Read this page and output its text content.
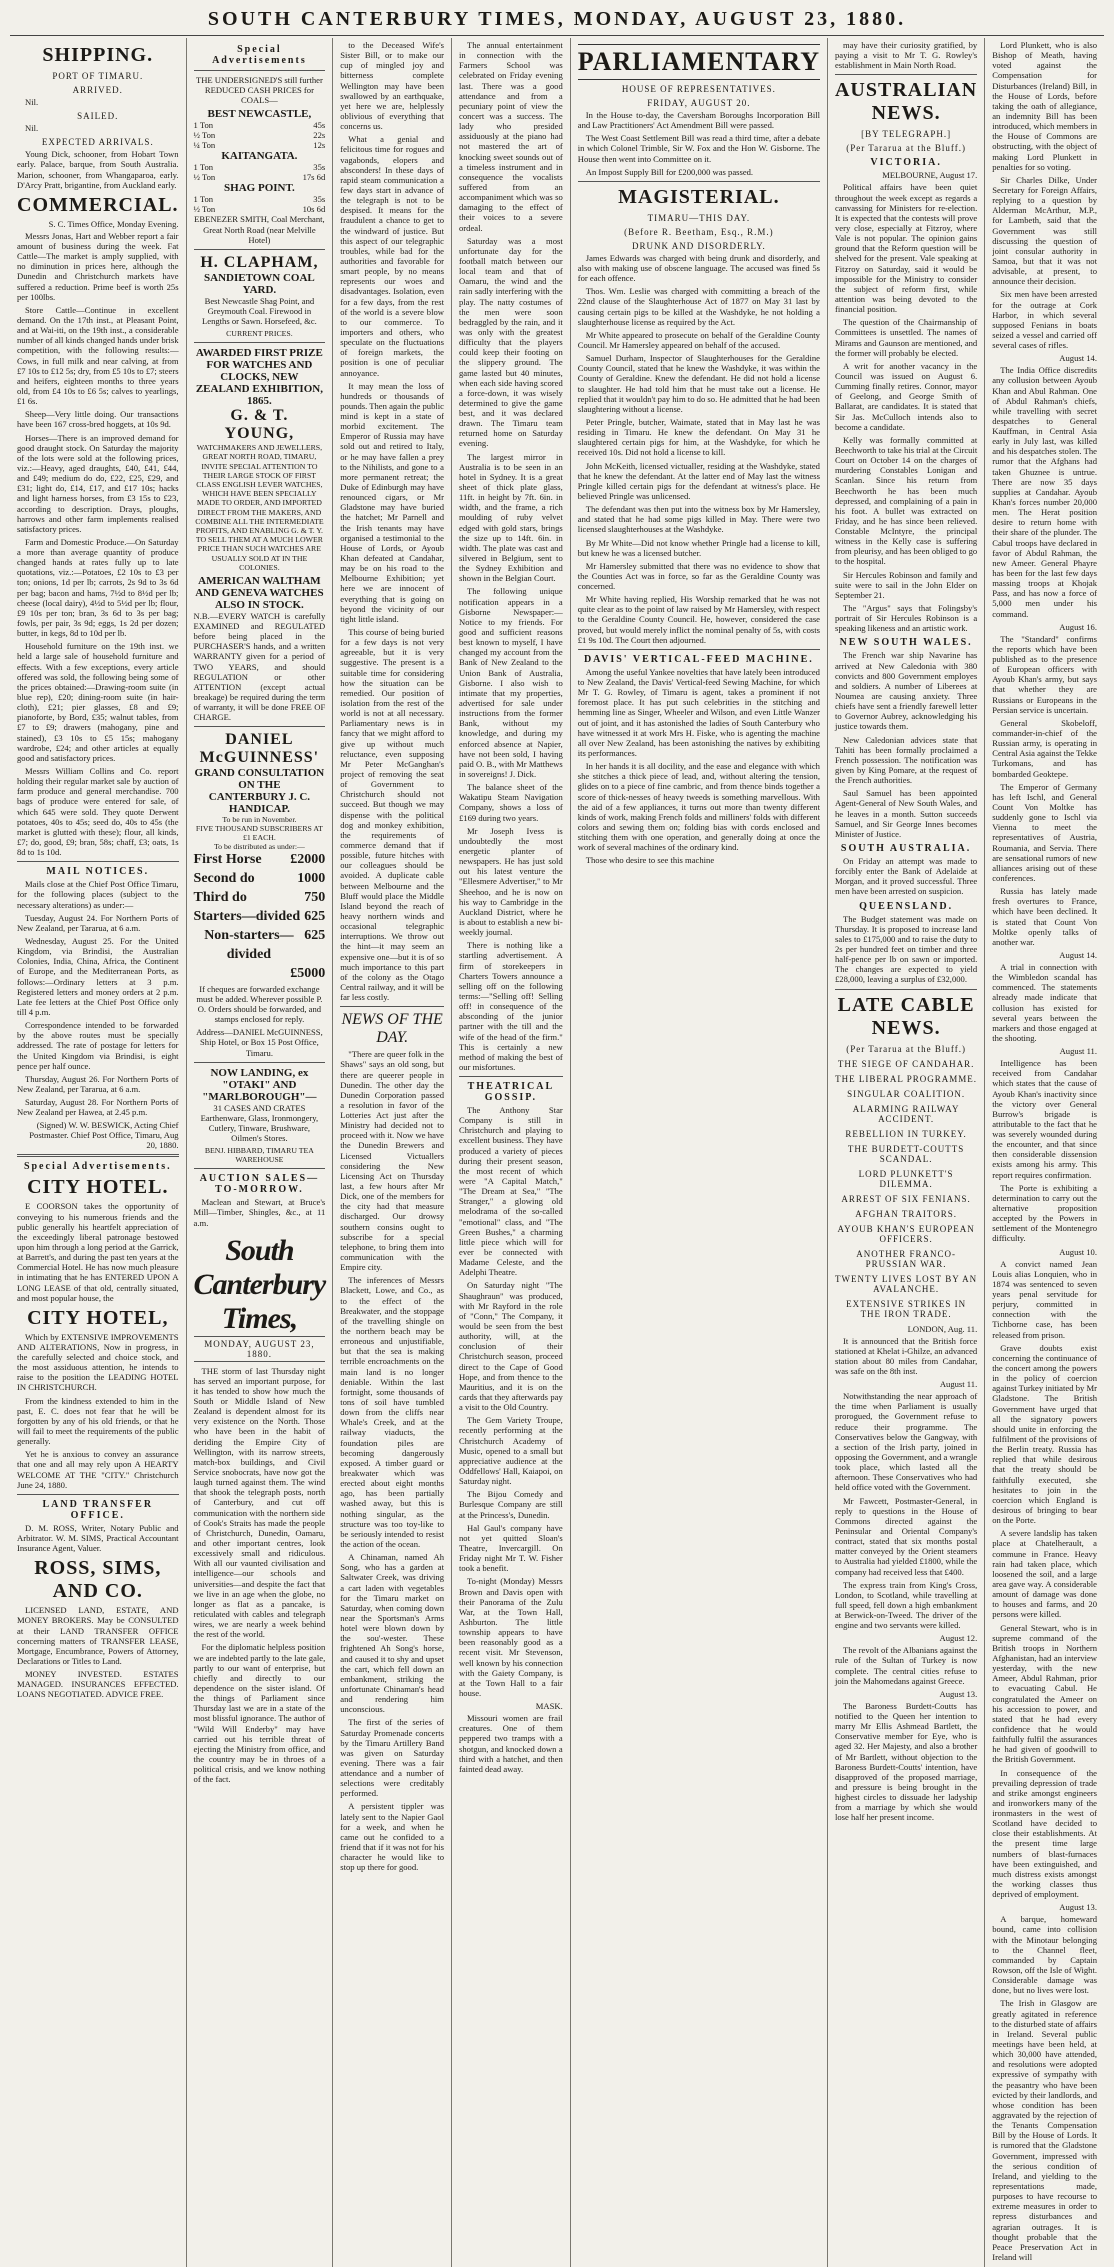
SOUTH CANTERBURY TIMES, MONDAY, AUGUST 23, 1880.
SHIPPING.
PORT OF TIMARU.
ARRIVED.

Nil.

SAILED.

Nil.

EXPECTED ARRIVALS.

Young Dick, schooner, from Hobart Town early. Palace, barque, from South Australia. Marion, schooner, from Whangaparoa, early. D'Arcy Pratt, brigantine, from Auckland early.

COMMERCIAL.
S. C. Times Office, Monday Evening.

Messrs Jonas, Hart and Webber report a fair amount of business during the week. Fat Cattle—The market is amply supplied, with no diminution in prices here, although the Dunedin and Christchurch markets have suffered a reduction. Prime beef is worth 25s per 100lbs.

Store Cattle—Continue in excellent demand. On the 17th inst., at Pleasant Point, and at Wai-iti, on the 19th inst., a considerable number of all kinds changed hands under brisk competition, with the following results:—Cows, in full milk and near calving, at from £7 10s to £12 5s; dry, from £5 10s to £7; steers and heifers, eighteen months to three years old, from £4 10s to £6 5s; calves to yearlings, £1 6s.

Sheep—Very little doing. Our transactions have been 167 cross-bred hoggets, at 10s 9d.

Horses—There is an improved demand for good draught stock. On Saturday the majority of the lots were sold at the following prices, viz.:—Heavy, aged draughts, £40, £41, £44, and £49; medium do do, £22, £25, £29, and £31; light do, £14, £17, and £17 10s; hacks and light harness horses, from £3 15s to £23, according to description. Drays, ploughs, harrows and other farm implements realised satisfactory prices.

Farm and Domestic Produce.—On Saturday a more than average quantity of produce changed hands at rates fully up to late quotations, viz.:—Potatoes, £2 10s to £3 per ton; onions, 1d per lb; carrots, 2s 9d to 3s 6d per bag; bacon and hams, 7½d to 8½d per lb; cheese (local dairy), 4½d to 5½d per lb; flour, £9 10s per ton; bran, 3s 6d to 3s per bag; fowls, per pair, 3s 9d; eggs, 1s 2d per dozen; butter, in kegs, 8d to 10d per lb.

Household furniture on the 19th inst. we held a large sale of household furniture and effects. With a few exceptions, every article offered was sold, the following being some of the prices obtained:—Drawing-room suite (in blue rep), £20; dining-room suite (in hair-cloth), £21; pier glasses, £8 and £9; pianoforte, by Bord, £35; walnut tables, from £7 to £9; drawers (mahogany, pine and stained), £3 10s to £5 15s; mahogany wardrobe, £24; and other articles at equally good and satisfactory prices.

Messrs William Collins and Co. report holding their regular market sale by auction of farm produce and general merchandise. 700 bags of produce were entered for sale, of which 645 were sold. They quote Derwent potatoes, 40s to 45s; seed do, 40s to 45s (the market is glutted with these); flour, all kinds, £7; do, good, £9; bran, 58s; chaff, £3; oats, 1s 8d to 1s 10d.

MAIL NOTICES.

Mails close at the Chief Post Office Timaru, for the following places (subject to the necessary alterations) as under:—

Tuesday, August 24. For Northern Ports of New Zealand, per Tararua, at 6 a.m.

Wednesday, August 25. For the United Kingdom, via Brindisi, the Australian Colonies, India, China, Africa, the Continent of Europe, and the Mediterranean Ports, as follows:—Ordinary letters at 3 p.m. Registered letters and money orders at 2 p.m. Late fee letters at the Chief Post Office only till 4 p.m.

Correspondence intended to be forwarded by the above routes must be specially addressed. The rate of postage for letters for the United Kingdom via Brindisi, is eight pence per half ounce.

Thursday, August 26. For Northern Ports of New Zealand, per Tararua, at 6 a.m.

Saturday, August 28. For Northern Ports of New Zealand per Hawea, at 2.45 p.m.

(Signed) W. W. BESWICK, Acting Chief Postmaster. Chief Post Office, Timaru, Aug 20, 1880.
Special Advertisements.
CITY HOTEL.

E COORSON takes the opportunity of conveying to his numerous friends and the public generally his heartfelt appreciation of the exceedingly liberal patronage bestowed upon him through a long period at the Garrick, at Barrett's, and during the past ten years at the Commercial Hotel. He has now much pleasure in intimating that he has ENTERED UPON A LONG LEASE of that old, centrally situated, and most popular house, the

CITY HOTEL,

Which by EXTENSIVE IMPROVEMENTS AND ALTERATIONS, Now in progress, in the carefully selected and choice stock, and the most assiduous attention, he intends to raise to the position the LEADING HOTEL IN CHRISTCHURCH.

From the kindness extended to him in the past, E. C. does not fear that he will be forgotten by any of his old friends, or that he will fail to meet the requirements of the public generally.

Yet he is anxious to convey an assurance that one and all may rely upon A HEARTY WELCOME AT THE "CITY." Christchurch June 24, 1880.

LAND TRANSFER OFFICE.

D. M. ROSS, Writer, Notary Public and Arbitrator. W. M. SIMS, Practical Accountant Insurance Agent, Valuer.

ROSS, SIMS, AND CO.

LICENSED LAND, ESTATE, AND MONEY BROKERS. May be CONSULTED at their LAND TRANSFER OFFICE concerning matters of TRANSFER LEASE, Mortgage, Encumbrance, Powers of Attorney, Declarations or Titles to Land.

MONEY INVESTED. ESTATES MANAGED. INSURANCES EFFECTED. LOANS NEGOTIATED. ADVICE FREE.

Special Advertisements

THE UNDERSIGNED'S still further REDUCED CASH PRICES for COALS—

BEST NEWCASTLE,
1 Ton	45s
½ Ton	22s
¼ Ton	12s
KAITANGATA.
1 Ton	35s
½ Ton	17s 6d
SHAG POINT.
1 Ton	35s
½ Ton	10s 6d

EBENEZER SMITH, Coal Merchant, Great North Road (near Melville Hotel)

H. CLAPHAM,
SANDIETOWN COAL YARD.

Best Newcastle Shag Point, and Greymouth Coal. Firewood in Lengths or Sawn. Horsefeed, &c.

CURRENT PRICES.
AWARDED FIRST PRIZE FOR WATCHES AND CLOCKS, NEW ZEALAND EXHIBITION, 1865.
G. & T. YOUNG,

WATCHMAKERS AND JEWELLERS, GREAT NORTH ROAD, TIMARU, INVITE SPECIAL ATTENTION TO THEIR LARGE STOCK OF FIRST CLASS ENGLISH LEVER WATCHES, WHICH HAVE BEEN SPECIALLY MADE TO ORDER, AND IMPORTED DIRECT FROM THE MAKERS, AND COMBINE ALL THE INTERMEDIATE PROFITS, AND ENABLING G. & T. Y. TO SELL THEM AT A MUCH LOWER PRICE THAN SUCH WATCHES ARE USUALLY SOLD AT IN THE COLONIES.

AMERICAN WALTHAM AND GENEVA WATCHES ALSO IN STOCK.

N.B.—EVERY WATCH is carefully EXAMINED and REGULATED before being placed in the PURCHASER'S hands, and a written WARRANTY given for a period of TWO YEARS, and should REGULATION or other ATTENTION (except actual breakage) be required during the term of warranty, it will be done FREE OF CHARGE.

DANIEL McGUINNESS'
GRAND CONSULTATION ON THE
CANTERBURY J. C. HANDICAP.
To be run in November.
FIVE THOUSAND SUBSCRIBERS AT £1 EACH.
To be distributed as under:—
First Horse £2000
Second do	1000
Third do	750
Starters—divided 625
Non-starters—divided
625
£5000

If cheques are forwarded exchange must be added. Wherever possible P. O. Orders should be forwarded, and stamps enclosed for reply.

Address—DANIEL McGUINNESS, Ship Hotel, or Box 15 Post Office, Timaru.

NOW LANDING, ex "OTAKI" AND "MARLBOROUGH"—

31 CASES AND CRATES Earthenware, Glass, Ironmongery, Cutlery, Tinware, Brushware, Oilmen's Stores.

BENJ. HIBBARD, TIMARU TEA WAREHOUSE
AUCTION SALES—TO-MORROW.

Maclean and Stewart, at Bruce's Mill—Timber, Shingles, &c., at 11 a.m.

South Canterbury Times,
MONDAY, AUGUST 23, 1880.

THE storm of last Thursday night has served an important purpose, for it has tended to show how much the South or Middle Island of New Zealand is dependent almost for its very existence on the North. Those who have been in the habit of deriding the Empire City of Wellington, with its narrow streets, match-box buildings, and Civil Service snobocrats, have now got the laugh turned against them. The wind that shook the telegraph posts, north of Canterbury, and cut off communication with the northern side of Cook's Straits has made the people of Christchurch, Dunedin, Oamaru, and other important centres, look excessively small and ridiculous. With all our vaunted civilisation and intelligence—our schools and universities—and despite the fact that we live in an age when the globe, no longer as flat as a pancake, is reticulated with cables and telegraph wires, we are nearly a week behind the rest of the world.

For the diplomatic helpless position we are indebted partly to the late gale, partly to our want of enterprise, but chiefly and directly to our dependence on the sister island. Of the things of Parliament since Thursday last we are in a state of the most blissful ignorance. The author of "Wild Will Enderby" may have carried out his terrible threat of ejecting the Ministry from office, and the country may be in throes of a political crisis, and we know nothing of the fact.

to the Deceased Wife's Sister Bill, or to make our cup of mingled joy and bitterness complete Wellington may have been swallowed by an earthquake, yet here we are, helplessly oblivious of everything that concerns us.

What a genial and felicitous time for rogues and vagabonds, elopers and absconders! In these days of rapid steam communication a few days start in advance of the telegraph is not to be despised. It means for the fraudulent a chance to get to the windward of justice. But this aspect of our telegraphic troubles, while bad for the authorities and favorable for smart people, by no means represents our woes and disadvantages. Isolation, even for a few days, from the rest of the world is a severe blow to our commerce. To importers and others, who speculate on the fluctuations of foreign markets, the position is one of peculiar annoyance.

It may mean the loss of hundreds or thousands of pounds. Then again the public mind is kept in a state of morbid excitement. The Emperor of Russia may have sold out and retired to Italy, or he may have fallen a prey to the Nihilists, and gone to a more permanent retreat; the Duke of Edinburgh may have renounced cigars, or Mr Gladstone may have buried the hatchet; Mr Parnell and the Irish tenants may have organised a testimonial to the House of Lords, or Ayoub Khan defeated at Candahar, may be on his road to the Melbourne Exhibition; yet here we are innocent of everything that is going on beyond the vicinity of our tight little island.

This course of being buried for a few days is not very agreeable, but it is very suggestive. The present is a suitable time for considering how the situation can be remedied. Our position of isolation from the rest of the world is not at all necessary. Parliamentary news is in fancy that we might afford to give up without much reluctance, even supposing Mr Peter McGanghan's project of removing the seat of Government to Christchurch should not succeed. But though we may dispense with the political dog and monkey exhibition, the requirements of commerce demand that if possible, future hitches with our colleagues should be avoided. A duplicate cable between Melbourne and the Bluff would place the Middle Island beyond the reach of heavy northern winds and occasional telegraphic interruptions. We throw out the hint—it may seem an expensive one—but it is of so much importance to this part of the colony as the Otago Central railway, and it will be far less costly.

NEWS OF THE DAY.

"There are queer folk in the Shaws" says an old song, but there are queerer people in Dunedin. The other day the Dunedin Corporation passed a resolution in favor of the Lotteries Act just after the Ministry had decided not to proceed with it. Now we have the Dunedin Brewers and Licensed Victuallers considering the New Licensing Act on Thursday last, a few hours after Mr Dick, one of the members for the city had that measure discharged. Our drowsy southern consins ought to subscribe for a special telephone, to bring them into communication with the Empire city.

The inferences of Messrs Blackett, Lowe, and Co., as to the effect of the Breakwater, and the stoppage of the travelling shingle on the northern beach may be erroneous and unjustifiable, but that the sea is making terrible encroachments on the main land is no longer deniable. Within the last fortnight, some thousands of tons of soil have tumbled down from the cliffs near Whale's Creek, and at the railway viaducts, the foundation piles are becoming dangerously exposed. A timber guard or breakwater which was erected about eight months ago, has been partially washed away, but this is nothing singular, as the structure was too toy-like to be seriously intended to resist the action of the ocean.

A Chinaman, named Ah Song, who has a garden at Saltwater Creek, was driving a cart laden with vegetables for the Timaru market on Saturday, when coming down near the Sportsman's Arms hotel were blown down by the sou'-wester. These frightened Ah Song's horse, and caused it to shy and upset the cart, which fell down an embankment, striking the unfortunate Chinaman's head and rendering him unconscious.

The first of the series of Saturday Promenade concerts by the Timaru Artillery Band was given on Saturday evening. There was a fair attendance and a number of selections were creditably performed.

A persistent tippler was lately sent to the Napier Gaol for a week, and when he came out he confided to a friend that if it was not for his character he would like to stop up there for good.

The annual entertainment in connection with the Farmers School was celebrated on Friday evening last. There was a good attendance and from a pecuniary point of view the concert was a success. The lady who presided assiduously at the piano had not mastered the art of knocking sweet sounds out of a timeless instrument and in consequence the vocalists suffered from an accompaniment which was so damaging to the effect of their voices to a severe ordeal.

Saturday was a most unfortunate day for the football match between our local team and that of Oamaru, the wind and the rain sadly interfering with the play. The natty costumes of the men were soon bedraggled by the rain, and it was only with the greatest difficulty that the players could keep their footing on the slippery ground. The game lasted but 40 minutes, when each side having scored a force-down, it was wisely determined to give the game best, and it was declared drawn. The Timaru team returned home on Saturday evening.

The largest mirror in Australia is to be seen in an hotel in Sydney. It is a great sheet of thick plate glass, 11ft. in height by 7ft. 6in. in width, and the frame, a rich moulding of ruby velvet edged with gold stars, brings the size up to 14ft. 6in. in width. The plate was cast and silvered in Belgium, sent to the Sydney Exhibition and shown in the Belgian Court.

The following unique notification appears in a Gisborne Newspaper:—Notice to my friends. For good and sufficient reasons best known to myself, I have changed my account from the Bank of New Zealand to the Union Bank of Australia, Gisborne. I also wish to intimate that my properties, advertised for sale under instructions from the former Bank, without my knowledge, and during my enforced absence at Napier, have not been sold, I having paid O. B., with Mr Matthews in sovereigns! J. Dick.

The balance sheet of the Wakatipu Steam Navigation Company, shows a loss of £169 during two years.

Mr Joseph Ivess is undoubtedly the most energetic planter of newspapers. He has just sold out his latest venture the "Ellesmere Advertiser," to Mr Sheehoo, and he is now on his way to Cambridge in the Auckland District, where he is about to establish a new bi-weekly journal.

There is nothing like a startling advertisement. A firm of storekeepers in Charters Towers announce a selling off on the following terms:—"Selling off! Selling off! in consequence of the absconding of the junior partner with the till and the wife of the head of the firm." This is certainly a new method of making the best of our misfortunes.

THEATRICAL GOSSIP.

The Anthony Star Company is still in Christchurch and playing to excellent business. They have produced a variety of pieces during their present season, the most recent of which were "A Capital Match," "The Dream at Sea," "The Stranger," a glowing old melodrama of the so-called "emotional" class, and "The Green Bushes," a charming little piece which will for ever be connected with Madame Celeste, and the Adelphi Theatre.

On Saturday night "The Shaughraun" was produced, with Mr Rayford in the role of "Conn," The Company, it would be seen from the best authority, will, at the conclusion of their Christchurch season, proceed direct to the Cape of Good Hope, and from thence to the Mauritius, and it is on the cards that they afterwards pay a visit to the Old Country.

The Gem Variety Troupe, recently performing at the Christchurch Academy of Music, opened to a small but appreciative audience at the Oddfellows' Hall, Kaiapoi, on Saturday night.

The Bijou Comedy and Burlesque Company are still at the Princess's, Dunedin.

Hal Gaul's company have not yet quitted Sloan's Theatre, Invercargill. On Friday night Mr T. W. Fisher took a benefit.

To-night (Monday) Messrs Brown and Davis open with their Panorama of the Zulu War, at the Town Hall, Ashburton. The little township appears to have been reasonably good as a recent visit. Mr Stevenson, well known by his connection with the Gaiety Company, is at the Town Hall to a fair house.

MASK.

Missouri women are frail creatures. One of them peppered two tramps with a shotgun, and knocked down a third with a hatchet, and then fainted dead away.

PARLIAMENTARY
HOUSE OF REPRESENTATIVES.
FRIDAY, AUGUST 20.

In the House to-day, the Caversham Boroughs Incorporation Bill and Law Practitioners' Act Amendment Bill were passed.

The West Coast Settlement Bill was read a third time, after a debate in which Colonel Trimble, Sir W. Fox and the Hon W. Gisborne. The House then went into Committee on it.

An Impost Supply Bill for £200,000 was passed.

MAGISTERIAL.
TIMARU—THIS DAY.
(Before R. Beetham, Esq., R.M.)
DRUNK AND DISORDERLY.

James Edwards was charged with being drunk and disorderly, and also with making use of obscene language. The accused was fined 5s for each offence.

Thos. Wm. Leslie was charged with committing a breach of the 22nd clause of the Slaughterhouse Act of 1877 on May 31 last by causing certain pigs to be killed at the Washdyke, he not holding a slaughterhouse license as required by the Act.

Mr White appeared to prosecute on behalf of the Geraldine County Council. Mr Hamersley appeared on behalf of the accused.

Samuel Durham, Inspector of Slaughterhouses for the Geraldine County Council, stated that he knew the Washdyke, it was within the County of Geraldine. Knew the defendant. He did not hold a license to slaughter. He had told him that he must take out a license. He replied that it wouldn't pay him to do so. He admitted that he had been slaughtering without a license.

Peter Pringle, butcher, Waimate, stated that in May last he was residing in Timaru. He knew the defendant. On May 31 he slaughtered certain pigs for him, at the Washdyke, for which he received 10s. Did not hold a license to kill.

John McKeith, licensed victualler, residing at the Washdyke, stated that he knew the defendant. At the latter end of May last the witness Pringle killed certain pigs for the defendant at witness's place. He believed Pringle was unlicensed.

The defendant was then put into the witness box by Mr Hamersley, and stated that he had some pigs killed in May. There were two licensed slaughterhouses at the Washdyke.

By Mr White—Did not know whether Pringle had a license to kill, but knew he was a licensed butcher.

Mr Hamersley submitted that there was no evidence to show that the Counties Act was in force, so far as the Geraldine County was concerned.

Mr White having replied, His Worship remarked that he was not quite clear as to the point of law raised by Mr Hamersley, with respect to the Geraldine County Council. He, however, considered the case proved, but would merely inflict the nominal penalty of 5s, with costs £1 9s 10d. The Court then adjourned.

DAVIS' VERTICAL-FEED MACHINE.

Among the useful Yankee novelties that have lately been introduced to New Zealand, the Davis' Vertical-feed Sewing Machine, for which Mr T. G. Rowley, of Timaru is agent, takes a prominent if not foremost place. It has put such celebrities in the stitching and hemming line as Singer, Wheeler and Wilson, and even Little Wanzer out of joint, and it has astonished the ladies of South Canterbury who have witnessed it at work Mrs H. Fiske, who is agenting the machine all over New Zealand, has been astonishing the natives by exhibiting its performances.

In her hands it is all docility, and the ease and elegance with which she stitches a thick piece of lead, and, without altering the tension, glides on to a piece of fine cambric, and from thence binds together a score of thick-nesses of heavy tweeds is something marvellous. With the aid of a few appliances, it turns out more than twenty different kinds of work, making French folds and milliners' folds with different colors and sewing them on; folding bias with cords enclosed and stitching them with one operation, and generally doing at once the work of several machines of the ordinary kind.

Those who desire to see this machine

may have their curiosity gratified, by paying a visit to Mr T. G. Rowley's establishment in Main North Road.

AUSTRALIAN NEWS.
[BY TELEGRAPH.]
(Per Tararua at the Bluff.)
VICTORIA.
MELBOURNE, August 17.

Political affairs have been quiet throughout the week except as regards a canvassing for Ministers for re-election. It is expected that the contests will prove very close, especially at Fitzroy, where Vale is not popular. The opinion gains ground that the Reform question will be shelved for the present. Vale speaking at Fitzroy on Saturday, said it would be impossible for the Ministry to consider the subject of reform first, while attention was being devoted to the financial position.

The question of the Chairmanship of Committees is unsettled. The names of Mirams and Gaunson are mentioned, and the former will probably be elected.

A writ for another vacancy in the Council was issued on August 6. Cumming finally retires. Connor, mayor of Geelong, and George Smith of Ballarat, are candidates. It is stated that Sir Jas. McCulloch intends also to become a candidate.

Kelly was formally committed at Beechworth to take his trial at the Circuit Court on October 14 on the charges of murdering Constables Lonigan and Scanlan. Since his return from Beechworth he has been much depressed, and complaining of a pain in his foot. A bullet was extracted on Friday, and he has since been relieved. Constable McIntyre, the principal witness in the Kelly case is suffering from pleurisy, and has been obliged to go to the hospital.

Sir Hercules Robinson and family and suite were to sail in the John Elder on September 21.

The "Argus" says that Folingsby's portrait of Sir Hercules Robinson is a speaking likeness and an artistic work.

NEW SOUTH WALES.

The French war ship Navarine has arrived at New Caledonia with 380 convicts and 800 Government employes and soldiers. A number of Liberees at Noumea are causing anxiety. Three chiefs have sent a friendly farewell letter to Governor Aubrey, acknowledging his justice towards them.

New Caledonian advices state that Tahiti has been formally proclaimed a French possession. The notification was given by King Pomare, at the request of the French authorities.

Saul Samuel has been appointed Agent-General of New South Wales, and he leaves in a month. Sutton succeeds Samuel, and Sir George Innes becomes Minister of Justice.

SOUTH AUSTRALIA.

On Friday an attempt was made to forcibly enter the Bank of Adelaide at Morgan, and it proved successful. Three men have been arrested on suspicion.

QUEENSLAND.

The Budget statement was made on Thursday. It is proposed to increase land sales to £175,000 and to raise the duty to 2s per hundred feet on timber and three half-pence per lb on sawn or imported. The changes are expected to yield £28,000, leaving a surplus of £32,000.

LATE CABLE NEWS.
(Per Tararua at the Bluff.)
THE SIEGE OF CANDAHAR.
THE LIBERAL PROGRAMME.
SINGULAR COALITION.
ALARMING RAILWAY ACCIDENT.
REBELLION IN TURKEY.
THE BURDETT-COUTTS SCANDAL.
LORD PLUNKETT'S DILEMMA.
ARREST OF SIX FENIANS.
AFGHAN TRAITORS.
AYOUB KHAN'S EUROPEAN OFFICERS.
ANOTHER FRANCO-PRUSSIAN WAR.
TWENTY LIVES LOST BY AN AVALANCHE.
EXTENSIVE STRIKES IN THE IRON TRADE.
LONDON, Aug. 11.

It is announced that the British force stationed at Khelat i-Ghilze, an advanced station about 80 miles from Candahar, was safe on the 8th inst.

August 11.

Notwithstanding the near approach of the time when Parliament is usually prorogued, the Government refuse to reduce their programme. The Conservatives below the Gangway, with a section of the Irish party, joined in opposing the Government, and a wrangle took place, which lasted all the afternoon. These Conservatives who had held office voted with the Government.

Mr Fawcett, Postmaster-General, in reply to questions in the House of Commons directed against the Peninsular and Oriental Company's contract, stated that six months postal matter conveyed by the Orient steamers to Australia had yielded £1800, while the company had received less that £400.

The express train from King's Cross, London, to Scotland, while travelling at full speed, fell down a high embankment at Berwick-on-Tweed. The driver of the engine and two servants were killed.

August 12.

The revolt of the Albanians against the rule of the Sultan of Turkey is now complete. The central cities refuse to join the Mahomedans against Greece.

August 13.

The Baroness Burdett-Coutts has notified to the Queen her intention to marry Mr Ellis Ashmead Bartlett, the Conservative member for Eye, who is aged 32. Her Majesty, and also a brother of Mr Bartlett, without objection to the Baroness Burdett-Coutts' intention, have disapproved of the proposed marriage, and pressure is being brought in the highest circles to dissuade her ladyship from a marriage by which she would lose half her present income.

Lord Plunkett, who is also Bishop of Meath, having voted against the Compensation for Disturbances (Ireland) Bill, in the House of Lords, before taking the oath of allegiance, an indemnity Bill has been introduced, which members in the House of Commons are obstructing, with the object of making Lord Plunkett in penalties for so voting.

Sir Charles Dilke, Under Secretary for Foreign Affairs, replying to a question by Alderman McArthur, M.P., for Lambeth, said that the Government was still discussing the question of joint consular authority in Samoa, but that it was not advisable, at present, to announce their decision.

Six men have been arrested for the outrage at Cork Harbor, in which several supposed Fenians in boats seized a vessel and carried off several cases of rifles.

August 14.

The India Office discredits any collusion between Ayoub Khan and Abul Rahman. One of Abdul Rahman's chiefs, while travelling with secret despatches to General Kauffman, in Central Asia early in July last, was killed and his despatches stolen. The rumor that the Afghans had taken Ghuznee is untrue. There are now 35 days supplies at Candahar. Ayoub Khan's forces number 20,000 men. The Herat position desire to return home with their share of the plunder. The Cabul troops have declared in favor of Abdul Rahman, the new Ameer. General Phayre has been for the last few days massing troops at Khojak Pass, and has now a force of 5,000 men under his command.

August 16.

The "Standard" confirms the reports which have been published as to the presence of European officers with Ayoub Khan's army, but says that whether they are Russians or Europeans in the Persian service is uncertain.

General Skobeloff, commander-in-chief of the Russian army, is operating in Central Asia against the Tekke Turkomans, and has bombarded Geoktepe.

The Emperor of Germany has left Ischl, and General Count Von Moltke has suddenly gone to Ischl via Vienna to meet the representatives of Austria, Roumania, and Servia. There are sensational rumors of new alliances arising out of these conferences.

Russia has lately made fresh overtures to France, which have been declined. It is stated that Count Von Moltke openly talks of another war.

August 14.

A trial in connection with the Wimbledon scandal has commenced. The statements already made indicate that collusion has existed for several years between the markers and those engaged at the shooting.

August 11.

Intelligence has been received from Candahar which states that the cause of Ayoub Khan's inactivity since the victory over General Burrow's brigade is attributable to the fact that he was severely wounded during the encounter, and that since then considerable dissension exists among his army. This report requires confirmation.

The Porte is exhibiting a determination to carry out the alternative proposition accepted by the Powers in settlement of the Montenegro difficulty.

August 10.

A convict named Jean Louis alias Lonquien, who in 1874 was sentenced to seven years penal servitude for perjury, committed in connection with the Tichborne case, has been released from prison.

Grave doubts exist concerning the continuance of the concert among the powers in the policy of coercion against Turkey initiated by Mr Gladstone. The British Government have urged that all the signatory powers should unite in enforcing the fulfilment of the provisions of the Berlin treaty. Russia has replied that while desirous that the treaty should be faithfully executed, she hesitates to join in the coercion which England is desirous of bringing to bear on the Porte.

A severe landslip has taken place at Chatelherault, a commune in France. Heavy rain had taken place, which loosened the soil, and a large area gave way. A considerable amount of damage was done to houses and farms, and 20 persons were killed.

General Stewart, who is in supreme command of the British troops in Northern Afghanistan, had an interview yesterday, with the new Ameer, Abdul Rahman, prior to evacuating Cabul. He congratulated the Ameer on his accession to power, and stated that he had every confidence that he would faithfully fulfil the assurances he had given of goodwill to the British Government.

In consequence of the prevailing depression of trade and strike amongst engineers and ironworkers many of the ironmasters in the west of Scotland have decided to close their establishments. At the present time large numbers of blast-furnaces have been extinguished, and much distress exists amongst the working classes thus deprived of employment.

August 13.

A barque, homeward bound, came into collision with the Minotaur belonging to the Channel fleet, commanded by Captain Rowson, off the Isle of Wight. Considerable damage was done, but no lives were lost.

The Irish in Glasgow are greatly agitated in reference to the disturbed state of affairs in Ireland. Several public meetings have been held, at which 30,000 have attended, and resolutions were adopted expressive of sympathy with the peasantry who have been evicted by their landlords, and whose condition has been aggravated by the rejection of the Tenants Compensation Bill by the House of Lords. It is rumored that the Gladstone Government, impressed with the serious condition of Ireland, and yielding to the representations made, purposes to have recourse to extreme measures in order to repress disturbances and agrarian outrages. It is thought probable that the Peace Preservation Act in Ireland will
